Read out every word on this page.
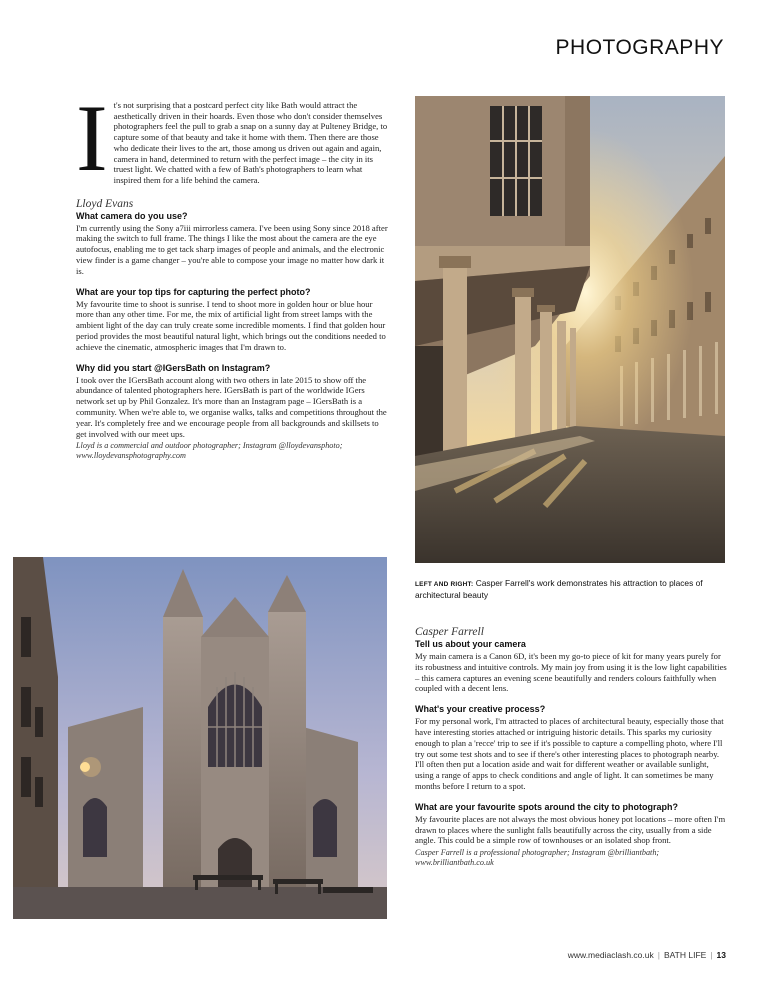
PHOTOGRAPHY

It's not surprising that a postcard perfect city like Bath would attract the aesthetically driven in their hoards. Even those who don't consider themselves photographers feel the pull to grab a snap on a sunny day at Pulteney Bridge, to capture some of that beauty and take it home with them. Then there are those who dedicate their lives to the art, those among us driven out again and again, camera in hand, determined to return with the perfect image – the city in its truest light. We chatted with a few of Bath's photographers to learn what inspired them for a life behind the camera.

Lloyd Evans
What camera do you use?

I'm currently using the Sony a7iii mirrorless camera. I've been using Sony since 2018 after making the switch to full frame. The things I like the most about the camera are the eye autofocus, enabling me to get tack sharp images of people and animals, and the electronic view finder is a game changer – you're able to compose your image no matter how dark it is.

What are your top tips for capturing the perfect photo?

My favourite time to shoot is sunrise. I tend to shoot more in golden hour or blue hour more than any other time. For me, the mix of artificial light from street lamps with the ambient light of the day can truly create some incredible moments. I find that golden hour period provides the most beautiful natural light, which brings out the conditions needed to achieve the cinematic, atmospheric images that I'm drawn to.

Why did you start @IGersBath on Instagram?

I took over the IGersBath account along with two others in late 2015 to show off the abundance of talented photographers here. IGersBath is part of the worldwide IGers network set up by Phil Gonzalez. It's more than an Instagram page – IGersBath is a community. When we're able to, we organise walks, talks and competitions throughout the year. It's completely free and we encourage people from all backgrounds and skillsets to get involved with our meet ups.

Lloyd is a commercial and outdoor photographer; Instagram @lloydevansphoto; www.lloydevansphotography.com

LEFT AND RIGHT: Casper Farrell's work demonstrates his attraction to places of architectural beauty
Casper Farrell
Tell us about your camera

My main camera is a Canon 6D, it's been my go-to piece of kit for many years purely for its robustness and intuitive controls. My main joy from using it is the low light capabilities – this camera captures an evening scene beautifully and renders colours faithfully when coupled with a decent lens.

What's your creative process?

For my personal work, I'm attracted to places of architectural beauty, especially those that have interesting stories attached or intriguing historic details. This sparks my curiosity enough to plan a 'recce' trip to see if it's possible to capture a compelling photo, where I'll try out some test shots and to see if there's other interesting places to photograph nearby. I'll often then put a location aside and wait for different weather or available sunlight, using a range of apps to check conditions and angle of light. It can sometimes be many months before I return to a spot.

What are your favourite spots around the city to photograph?

My favourite places are not always the most obvious honey pot locations – more often I'm drawn to places where the sunlight falls beautifully across the city, usually from a side angle. This could be a simple row of townhouses or an isolated shop front.

Casper Farrell is a professional photographer; Instagram @brilliantbath; www.brilliantbath.co.uk

www.mediaclash.co.uk | BATH LIFE | 13
